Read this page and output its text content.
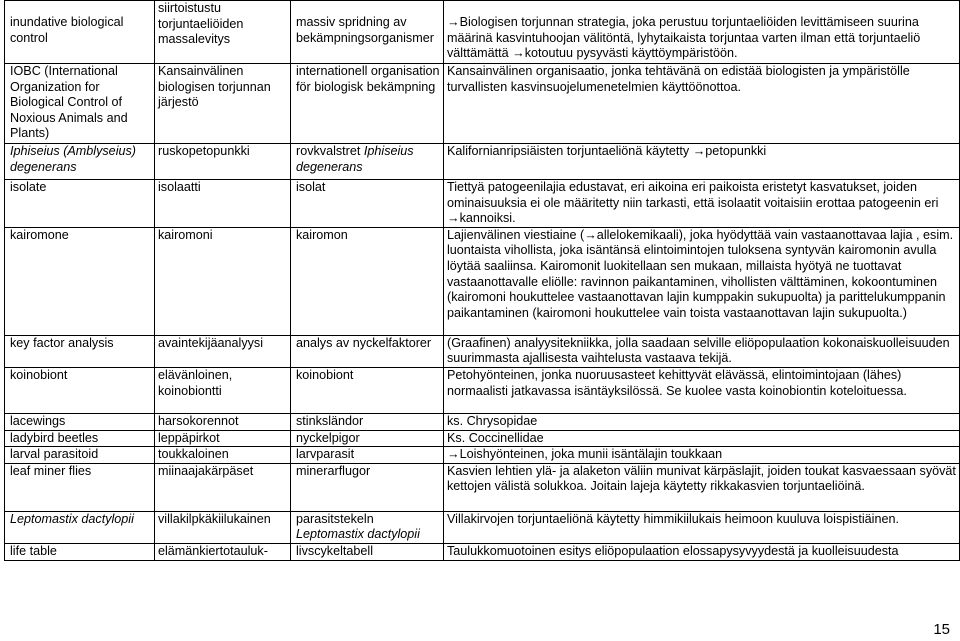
inundative biological control	siirtoistustu torjuntaeliöiden massalevitys	massiv spridning av bekämpningsorganismer	→Biologisen torjunnan strategia, joka perustuu torjuntaeliöiden levittämiseen suurina määrinä kasvintuhoojan välitöntä, lyhytaikaista torjuntaa varten ilman että torjuntaeliö välttämättä →kotoutuu pysyvästi käyttöympäristöön.
IOBC (International Organization for Biological Control of Noxious Animals and Plants)	Kansainvälinen biologisen torjunnan järjestö	internationell organisation för biologisk bekämpning	Kansainvälinen organisaatio, jonka tehtävänä on edistää biologisten ja ympäristölle turvallisten kasvinsuojelumenetelmien käyttöönottoa.
Iphiseius (Amblyseius) degenerans	ruskopetopunkki	rovkvalstret Iphiseius degenerans	Kalifornianripsiäisten torjuntaeliönä käytetty →petopunkki
isolate	isolaatti	isolat	Tiettyä patogeenilajia edustavat, eri aikoina eri paikoista eristetyt kasvatukset, joiden ominaisuuksia ei ole määritetty niin tarkasti, että isolaatit voitaisiin erottaa patogeenin eri →kannoiksi.
kairomone	kairomoni	kairomon	Lajienvälinen viestiaine (→allelokemikaali), joka hyödyttää vain vastaanottavaa lajia , esim. luontaista vihollista, joka isäntänsä elintoimintojen tuloksena syntyvän kairomonin avulla löytää saaliinsa. Kairomonit luokitellaan sen mukaan, millaista hyötyä ne tuottavat vastaanottavalle eliölle: ravinnon paikantaminen, vihollisten välttäminen, kokoontuminen (kairomoni houkuttelee vastaanottavan lajin kumppakin sukupuolta) ja parittelukumppanin paikantaminen (kairomoni houkuttelee vain toista vastaanottavan lajin sukupuolta.)
key factor analysis	avaintekijäanalyysi	analys av nyckelfaktorer	(Graafinen) analyysitekniikka, jolla saadaan selville eliöpopulaation kokonaiskuolleisuuden suurimmasta ajallisesta vaihtelusta vastaava tekijä.
koinobiont	elävänloinen, koinobiontti	koinobiont	Petohyönteinen, jonka nuoruusasteet kehittyvät elävässä, elintoimintojaan (lähes) normaalisti jatkavassa isäntäyksilössä. Se kuolee vasta koinobiontin koteloituessa.
lacewings	harsokorennot	stinksländor	ks. Chrysopidae
ladybird beetles	leppäpirkot	nyckelpigor	Ks. Coccinellidae
larval parasitoid	toukkaloinen	larvparasit	→Loishyönteinen, joka munii isäntälajin toukkaan
leaf miner flies	miinaajakärpäset	minerarflugor	Kasvien lehtien ylä- ja alaketon väliin munivat kärpäslajit, joiden toukat kasvaessaan syövät kettojen välistä solukkoa. Joitain lajeja käytetty rikkakasvien torjuntaeliöinä.
Leptomastix dactylopii	villakilpkäkiilukainen	parasitstekeln Leptomastix dactylopii	Villakirvojen torjuntaeliönä käytetty himmikiilukais heimoon kuuluva loispistiäinen.
life table	elämänkiertotauluk-	livscykeltabell	Taulukkomuotoinen esitys eliöpopulaation elossapysyvyydestä ja kuolleisuudesta
15
